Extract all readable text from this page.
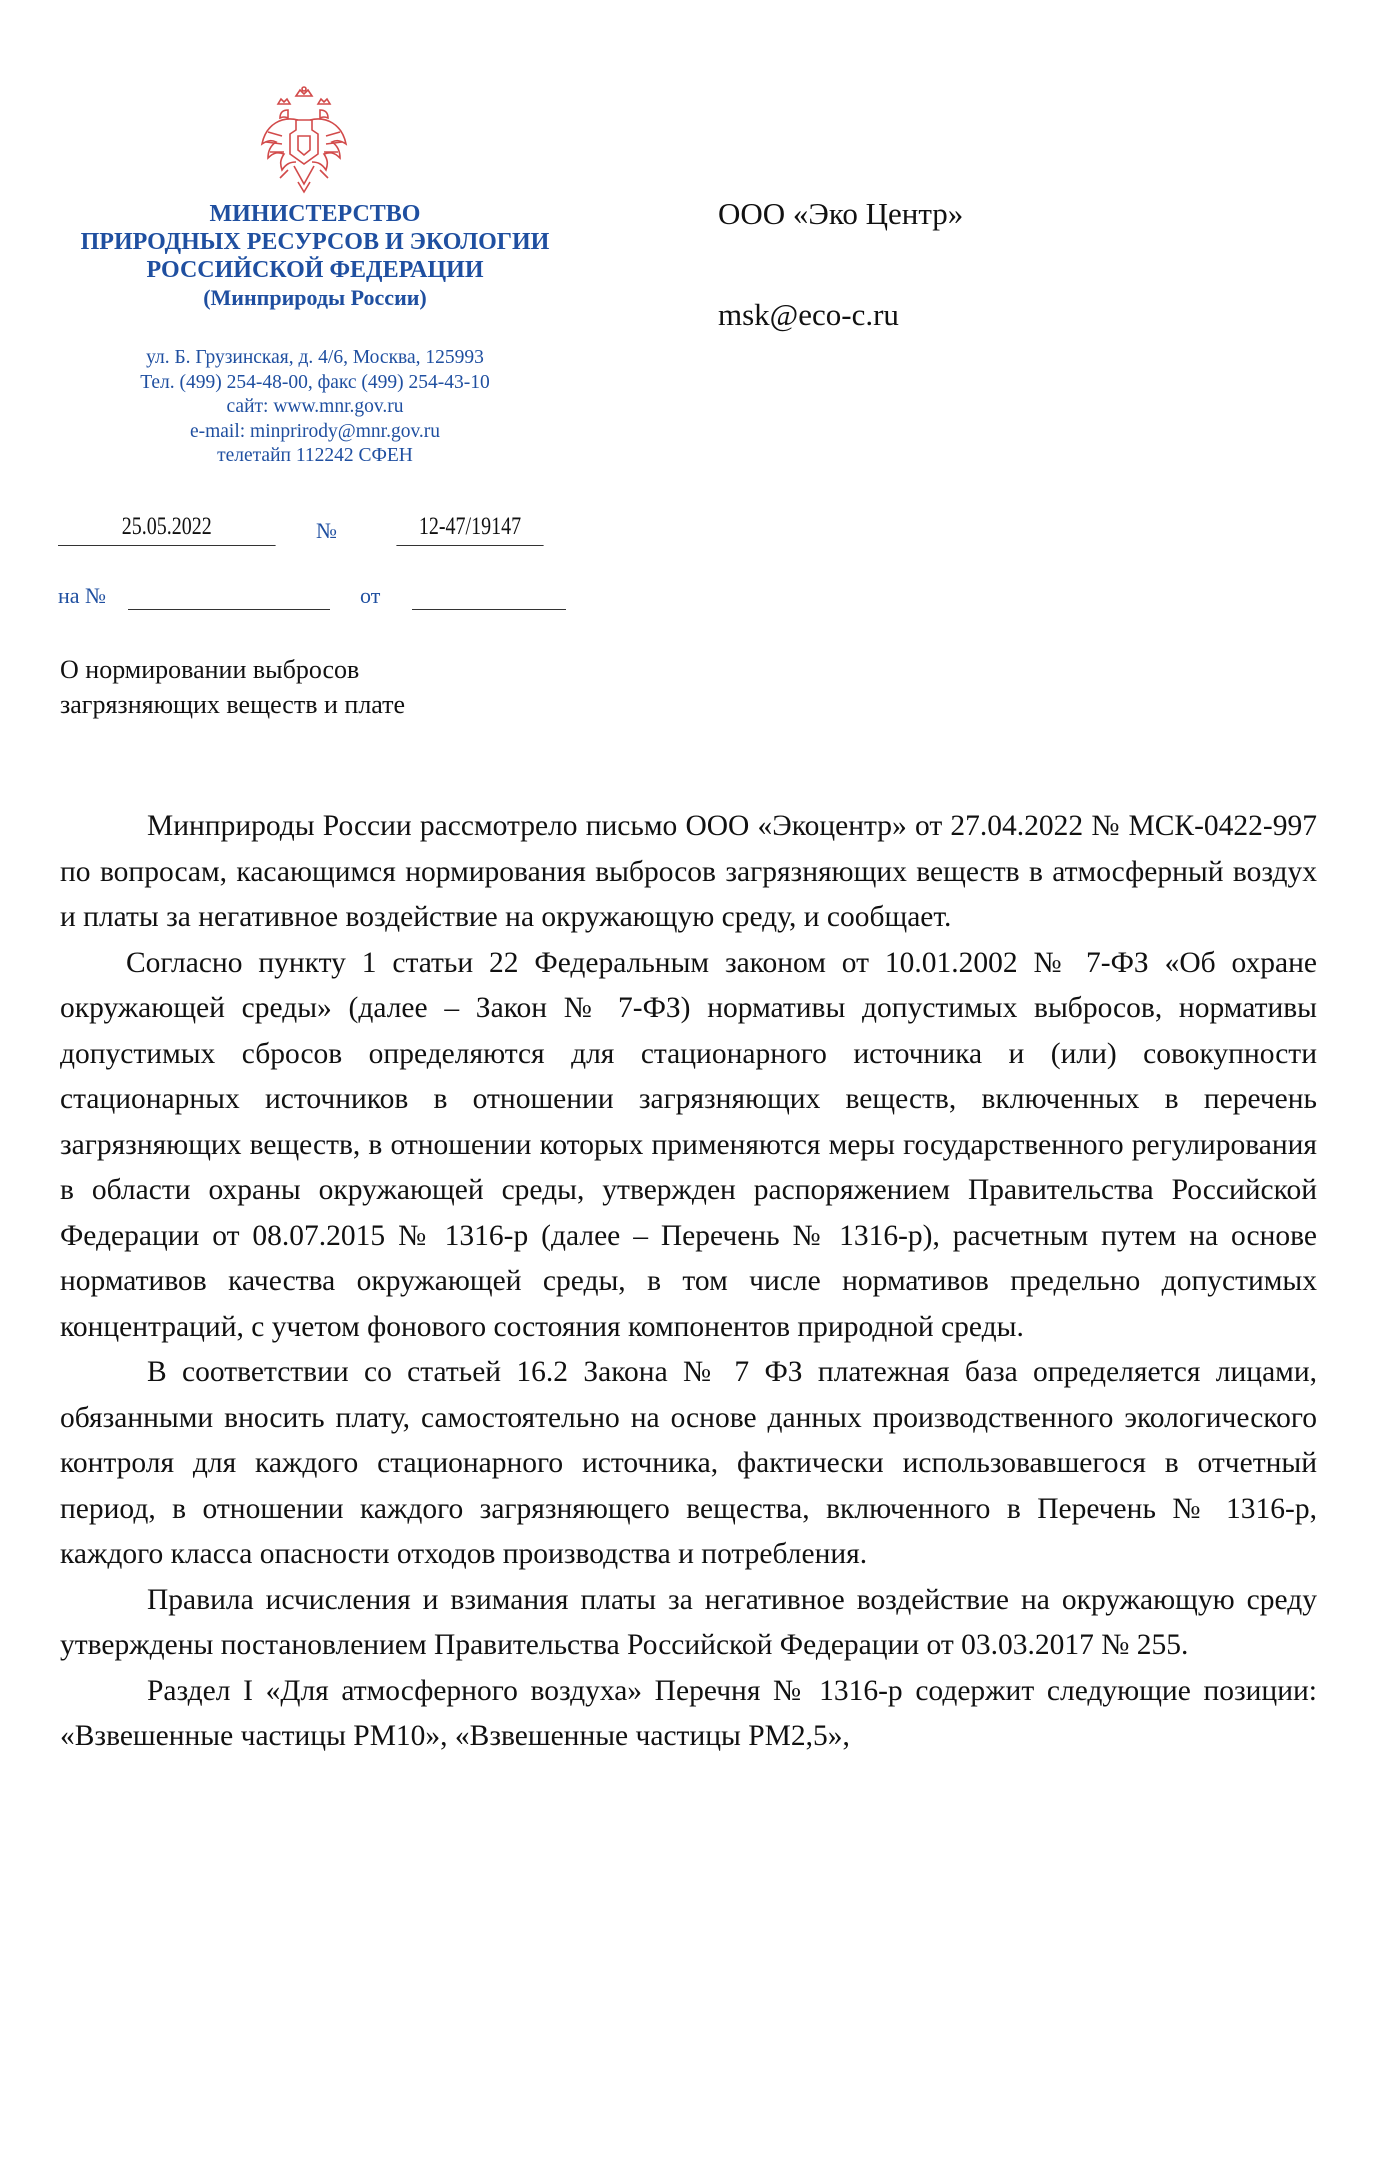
МИНИСТЕРСТВО
ПРИРОДНЫХ РЕСУРСОВ И ЭКОЛОГИИ
РОССИЙСКОЙ ФЕДЕРАЦИИ
(Минприроды России)
ул. Б. Грузинская, д. 4/6, Москва, 125993
Тел. (499) 254-48-00, факс (499) 254-43-10
сайт: www.mnr.gov.ru
e-mail: minprirody@mnr.gov.ru
телетайп 112242 СФЕН
ООО «Эко Центр»
msk@eco-c.ru
25.05.2022	№	12-47/19147
на №	от
О нормировании выбросов
загрязняющих веществ и плате

Минприроды России рассмотрело письмо ООО «Экоцентр» от 27.04.2022 № МСК-0422-997 по вопросам, касающимся нормирования выбросов загрязняющих веществ в атмосферный воздух и платы за негативное воздействие на окружающую среду, и сообщает.

Согласно пункту 1 статьи 22 Федеральным законом от 10.01.2002 № 7-ФЗ «Об охране окружающей среды» (далее – Закон № 7-ФЗ) нормативы допустимых выбросов, нормативы допустимых сбросов определяются для стационарного источника и (или) совокупности стационарных источников в отношении загрязняющих веществ, включенных в перечень загрязняющих веществ, в отношении которых применяются меры государственного регулирования в области охраны окружающей среды, утвержден распоряжением Правительства Российской Федерации от 08.07.2015 № 1316-р (далее – Перечень № 1316-р), расчетным путем на основе нормативов качества окружающей среды, в том числе нормативов предельно допустимых концентраций, с учетом фонового состояния компонентов природной среды.

В соответствии со статьей 16.2 Закона № 7 ФЗ платежная база определяется лицами, обязанными вносить плату, самостоятельно на основе данных производственного экологического контроля для каждого стационарного источника, фактически использовавшегося в отчетный период, в отношении каждого загрязняющего вещества, включенного в Перечень № 1316-р, каждого класса опасности отходов производства и потребления.

Правила исчисления и взимания платы за негативное воздействие на окружающую среду утверждены постановлением Правительства Российской Федерации от 03.03.2017 № 255.

Раздел I «Для атмосферного воздуха» Перечня № 1316-р содержит следующие позиции: «Взвешенные частицы PM10», «Взвешенные частицы PM2,5»,
